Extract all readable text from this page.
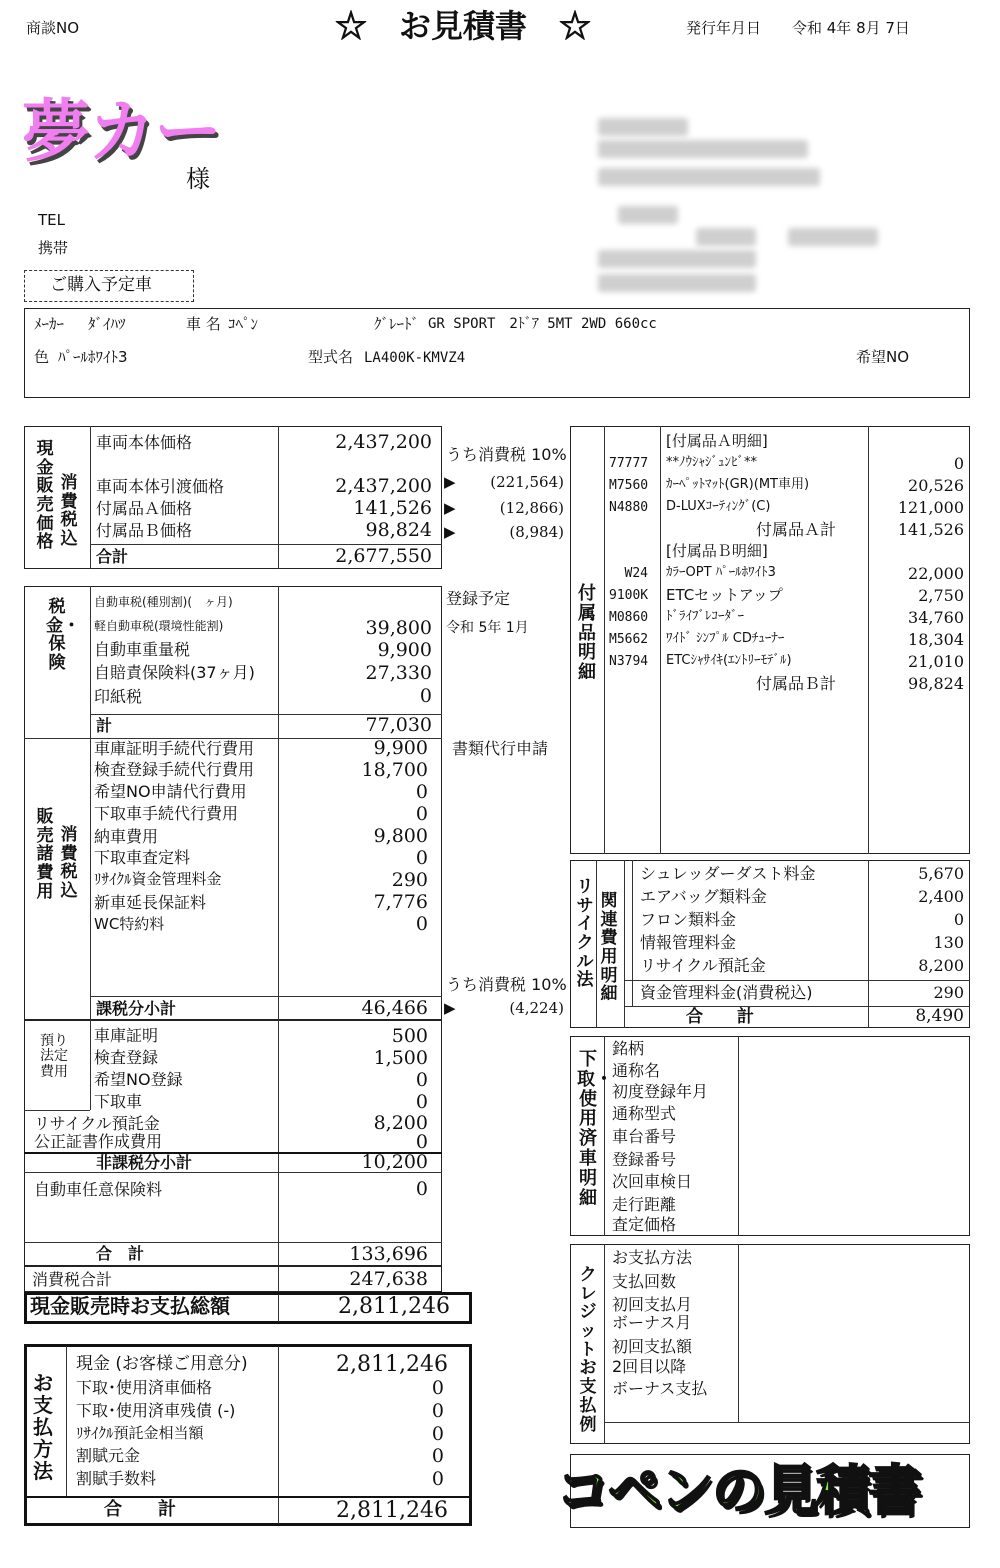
商談NO	☆　お見積書　☆	発行年月日 令和 4年 8月 7日
夢カー
様
TEL
携帯
ご購入予定車
ﾒｰｶｰ ﾀﾞｲﾊﾂ	車 名 ｺﾍﾟﾝ	ｸﾞﾚｰﾄﾞ GR SPORT　2ﾄﾞｱ 5MT 2WD 660cc
色 ﾊﾟｰﾙﾎﾜｲﾄ3	型式名 LA400K-KMVZ4	希望NO
現金販売価格
消費税込
車両本体価格	2,437,200
車両本体引渡価格	2,437,200
付属品Ａ価格	141,526
付属品Ｂ価格	98,824
合計	2,677,550
うち消費税 10%
▶	(221,564)
▶	(12,866)
▶	(8,984)
税金・保険
自動車税(種別割)(　ヶ月)
軽自動車税(環境性能割)	39,800
自動車重量税	9,900
自賠責保険料(37ヶ月)	27,330
印紙税	0
計	77,030
登録予定
令和 5年 1月
販売諸費用
消費税込
車庫証明手続代行費用	9,900
検査登録手続代行費用	18,700
希望NO申請代行費用	0
下取車手続代行費用	0
納車費用	9,800
下取車査定料	0
ﾘｻｲｸﾙ資金管理料金	290
新車延長保証料	7,776
WC特約料	0
課税分小計	46,466
書類代行申請
うち消費税 10%
▶	(4,224)
預り法定費用
車庫証明	500
検査登録	1,500
希望NO登録	0
下取車	0
リサイクル預託金	8,200
公正証書作成費用	0
非課税分小計	10,200
自動車任意保険料	0
合　計	133,696
消費税合計	247,638
現金販売時お支払総額	2,811,246
お支払方法
現金 (お客様ご用意分)	2,811,246
下取･使用済車価格	0
下取･使用済車残債 (-)	0
ﾘｻｲｸﾙ預託金相当額	0
割賦元金	0
割賦手数料	0
合　　計	2,811,246
付属品明細
[付属品Ａ明細]
77777 **ﾉｳｼｬｼﾞｭﾝﾋﾞ**	0
M7560 ｶｰﾍﾟｯﾄﾏｯﾄ(GR)(MT車用)	20,526
N4880 D-LUXｺｰﾃｨﾝｸﾞ(C)	121,000
付属品Ａ計	141,526
[付属品Ｂ明細]
W24 ｶﾗｰOPT ﾊﾟｰﾙﾎﾜｲﾄ3	22,000
9100K ETCセットアップ	2,750
M0860 ﾄﾞﾗｲﾌﾞﾚｺｰﾀﾞｰ	34,760
M5662 ﾜｲﾄﾞ ｼﾝﾌﾟﾙ CDﾁｭｰﾅｰ	18,304
N3794 ETCｼｬｻｲｷ(ｴﾝﾄﾘｰﾓﾃﾞﾙ)	21,010
付属品Ｂ計	98,824
リサイクル法
関連費用明細
シュレッダーダスト料金	5,670
エアバッグ類料金	2,400
フロン類料金	0
情報管理料金	130
リサイクル預託金	8,200
資金管理料金(消費税込)	290
合　　計	8,490
下取・使用済車明細
銘柄
通称名
初度登録年月
通称型式
車台番号
登録番号
次回車検日
走行距離
査定価格
クレジットお支払例
お支払方法
支払回数
初回支払月
ボーナス月
初回支払額
2回目以降
ボーナス支払
コペンの見積書
